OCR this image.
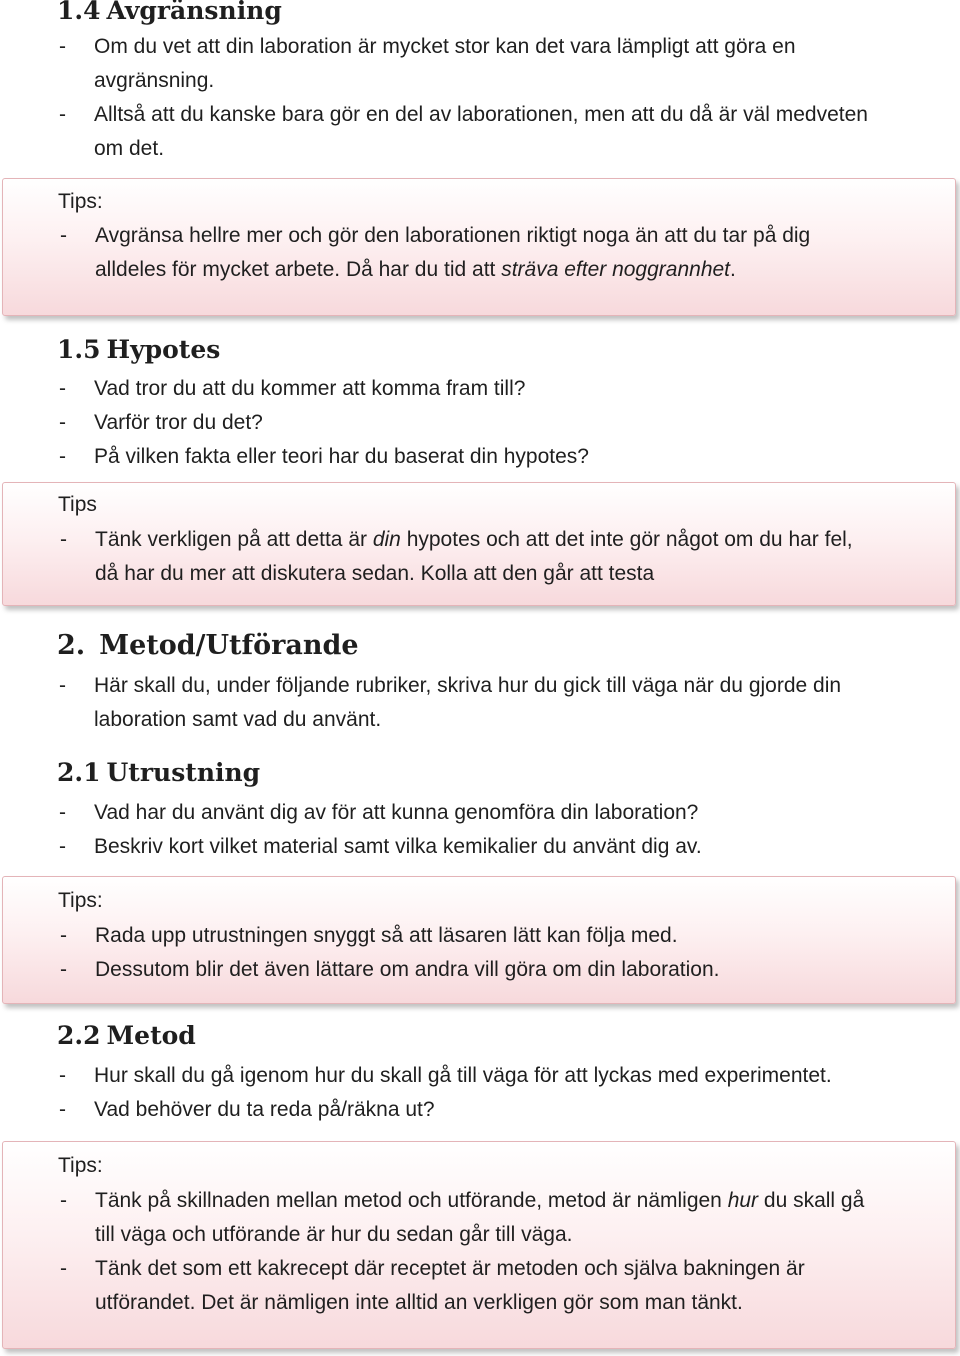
1.4 Avgränsning
- Om du vet att din laboration är mycket stor kan det vara lämpligt att göra en
avgränsning.
- Alltså att du kanske bara gör en del av laborationen, men att du då är väl medveten
om det.

Tips:

- Avgränsa hellre mer och gör den laborationen riktigt noga än att du tar på dig
alldeles för mycket arbete. Då har du tid att sträva efter noggrannhet.
1.5 Hypotes
- Vad tror du att du kommer att komma fram till?
- Varför tror du det?
- På vilken fakta eller teori har du baserat din hypotes?

Tips

- Tänk verkligen på att detta är din hypotes och att det inte gör något om du har fel,
då har du mer att diskutera sedan. Kolla att den går att testa
2. Metod/Utförande
- Här skall du, under följande rubriker, skriva hur du gick till väga när du gjorde din
laboration samt vad du använt.
2.1 Utrustning
- Vad har du använt dig av för att kunna genomföra din laboration?
- Beskriv kort vilket material samt vilka kemikalier du använt dig av.

Tips:

- Rada upp utrustningen snyggt så att läsaren lätt kan följa med.
- Dessutom blir det även lättare om andra vill göra om din laboration.
2.2 Metod
- Hur skall du gå igenom hur du skall gå till väga för att lyckas med experimentet.
- Vad behöver du ta reda på/räkna ut?

Tips:

- Tänk på skillnaden mellan metod och utförande, metod är nämligen hur du skall gå
till väga och utförande är hur du sedan går till väga.
- Tänk det som ett kakrecept där receptet är metoden och själva bakningen är
utförandet. Det är nämligen inte alltid an verkligen gör som man tänkt.
